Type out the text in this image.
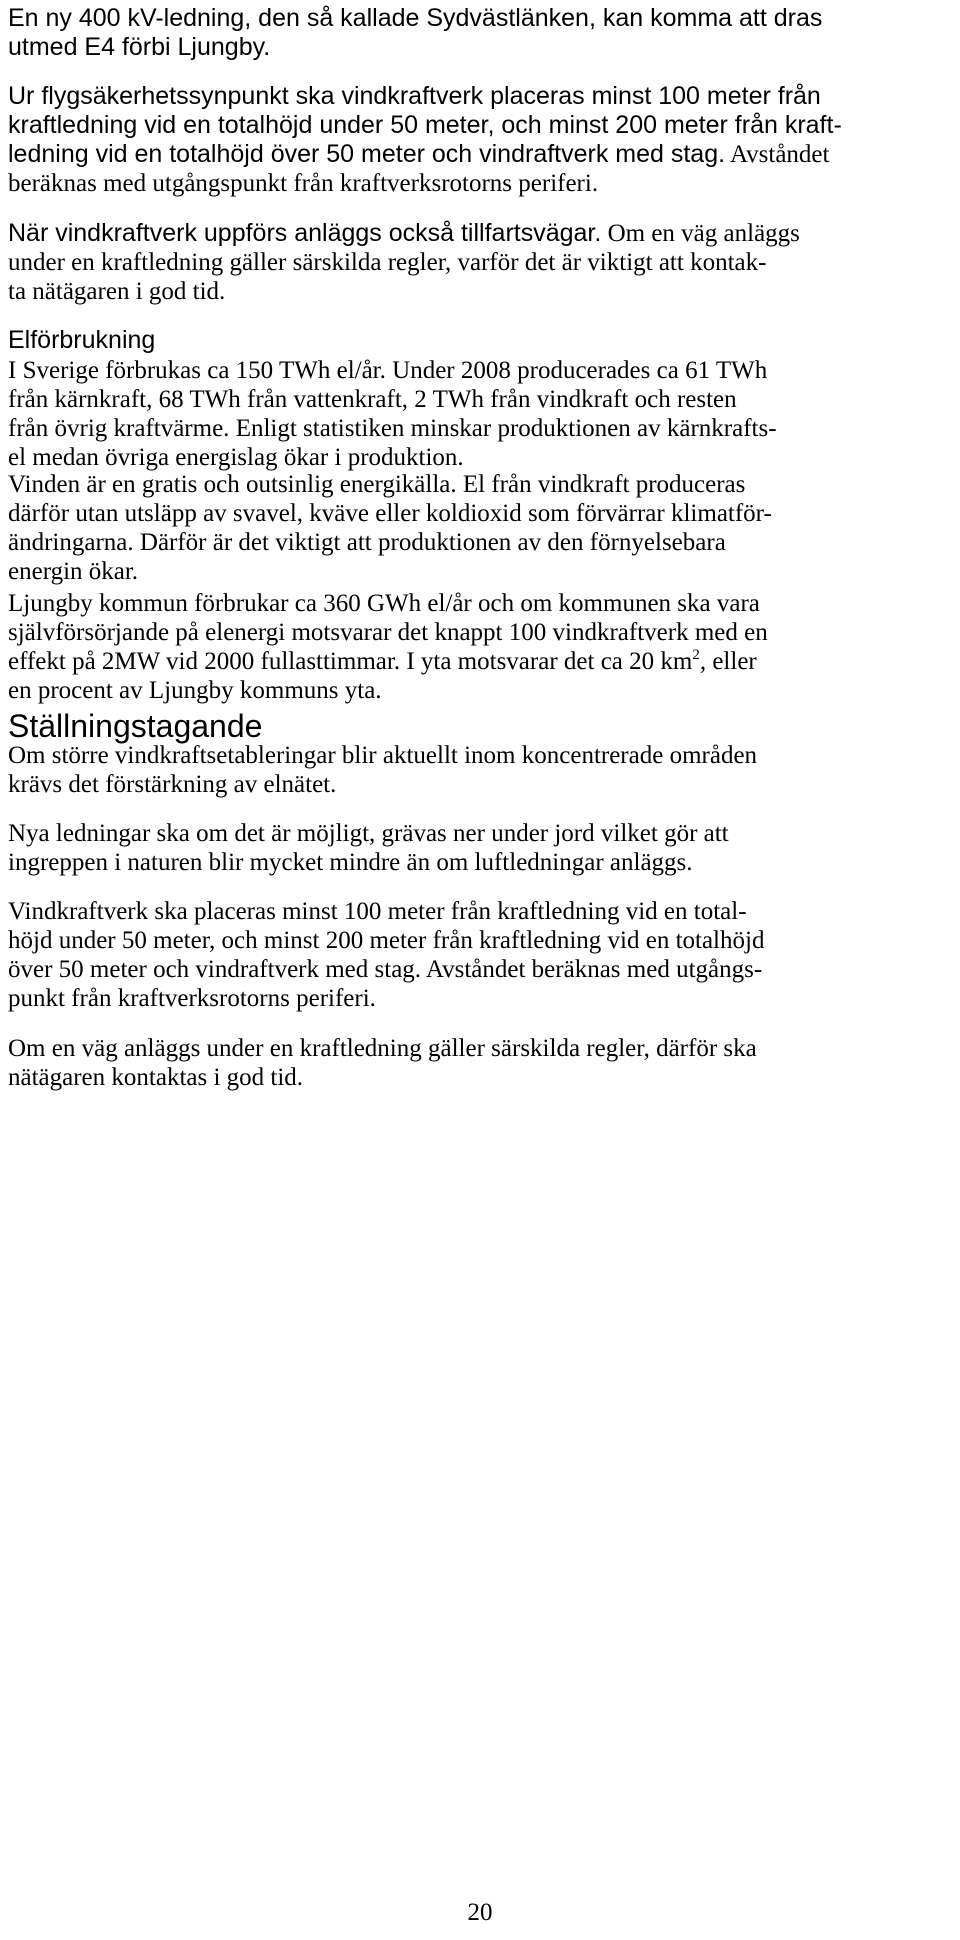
En ny 400 kV-ledning, den så kallade Sydvästlänken, kan komma att dras
utmed E4 förbi Ljungby.
Ur flygsäkerhetssynpunkt ska vindkraftverk placeras minst 100 meter från
kraftledning vid en totalhöjd under 50 meter, och minst 200 meter från kraft-
ledning vid en totalhöjd över 50 meter och vindraftverk med stag. Avståndet
beräknas med utgångspunkt från kraftverksrotorns periferi.
När vindkraftverk uppförs anläggs också tillfartsvägar. Om en väg anläggs
under en kraftledning gäller särskilda regler, varför det är viktigt att kontak-
ta nätägaren i god tid.
Elförbrukning
I Sverige förbrukas ca 150 TWh el/år. Under 2008 producerades ca 61 TWh
från kärnkraft, 68 TWh från vattenkraft, 2 TWh från vindkraft och resten
från övrig kraftvärme. Enligt statistiken minskar produktionen av kärnkrafts-
el medan övriga energislag ökar i produktion.
Vinden är en gratis och outsinlig energikälla. El från vindkraft produceras
därför utan utsläpp av svavel, kväve eller koldioxid som förvärrar klimatför-
ändringarna. Därför är det viktigt att produktionen av den förnyelsebara
energin ökar.
Ljungby kommun förbrukar ca 360 GWh el/år och om kommunen ska vara
självförsörjande på elenergi motsvarar det knappt 100 vindkraftverk med en
effekt på 2MW vid 2000 fullasttimmar. I yta motsvarar det ca 20 $km^2$, eller
en procent av Ljungby kommuns yta.
Ställningstagande
Om större vindkraftsetableringar blir aktuellt inom koncentrerade områden
krävs det förstärkning av elnätet.
Nya ledningar ska om det är möjligt, grävas ner under jord vilket gör att
ingreppen i naturen blir mycket mindre än om luftledningar anläggs.
Vindkraftverk ska placeras minst 100 meter från kraftledning vid en total-
höjd under 50 meter, och minst 200 meter från kraftledning vid en totalhöjd
över 50 meter och vindraftverk med stag. Avståndet beräknas med utgångs-
punkt från kraftverksrotorns periferi.
Om en väg anläggs under en kraftledning gäller särskilda regler, därför ska
nätägaren kontaktas i god tid.
20
